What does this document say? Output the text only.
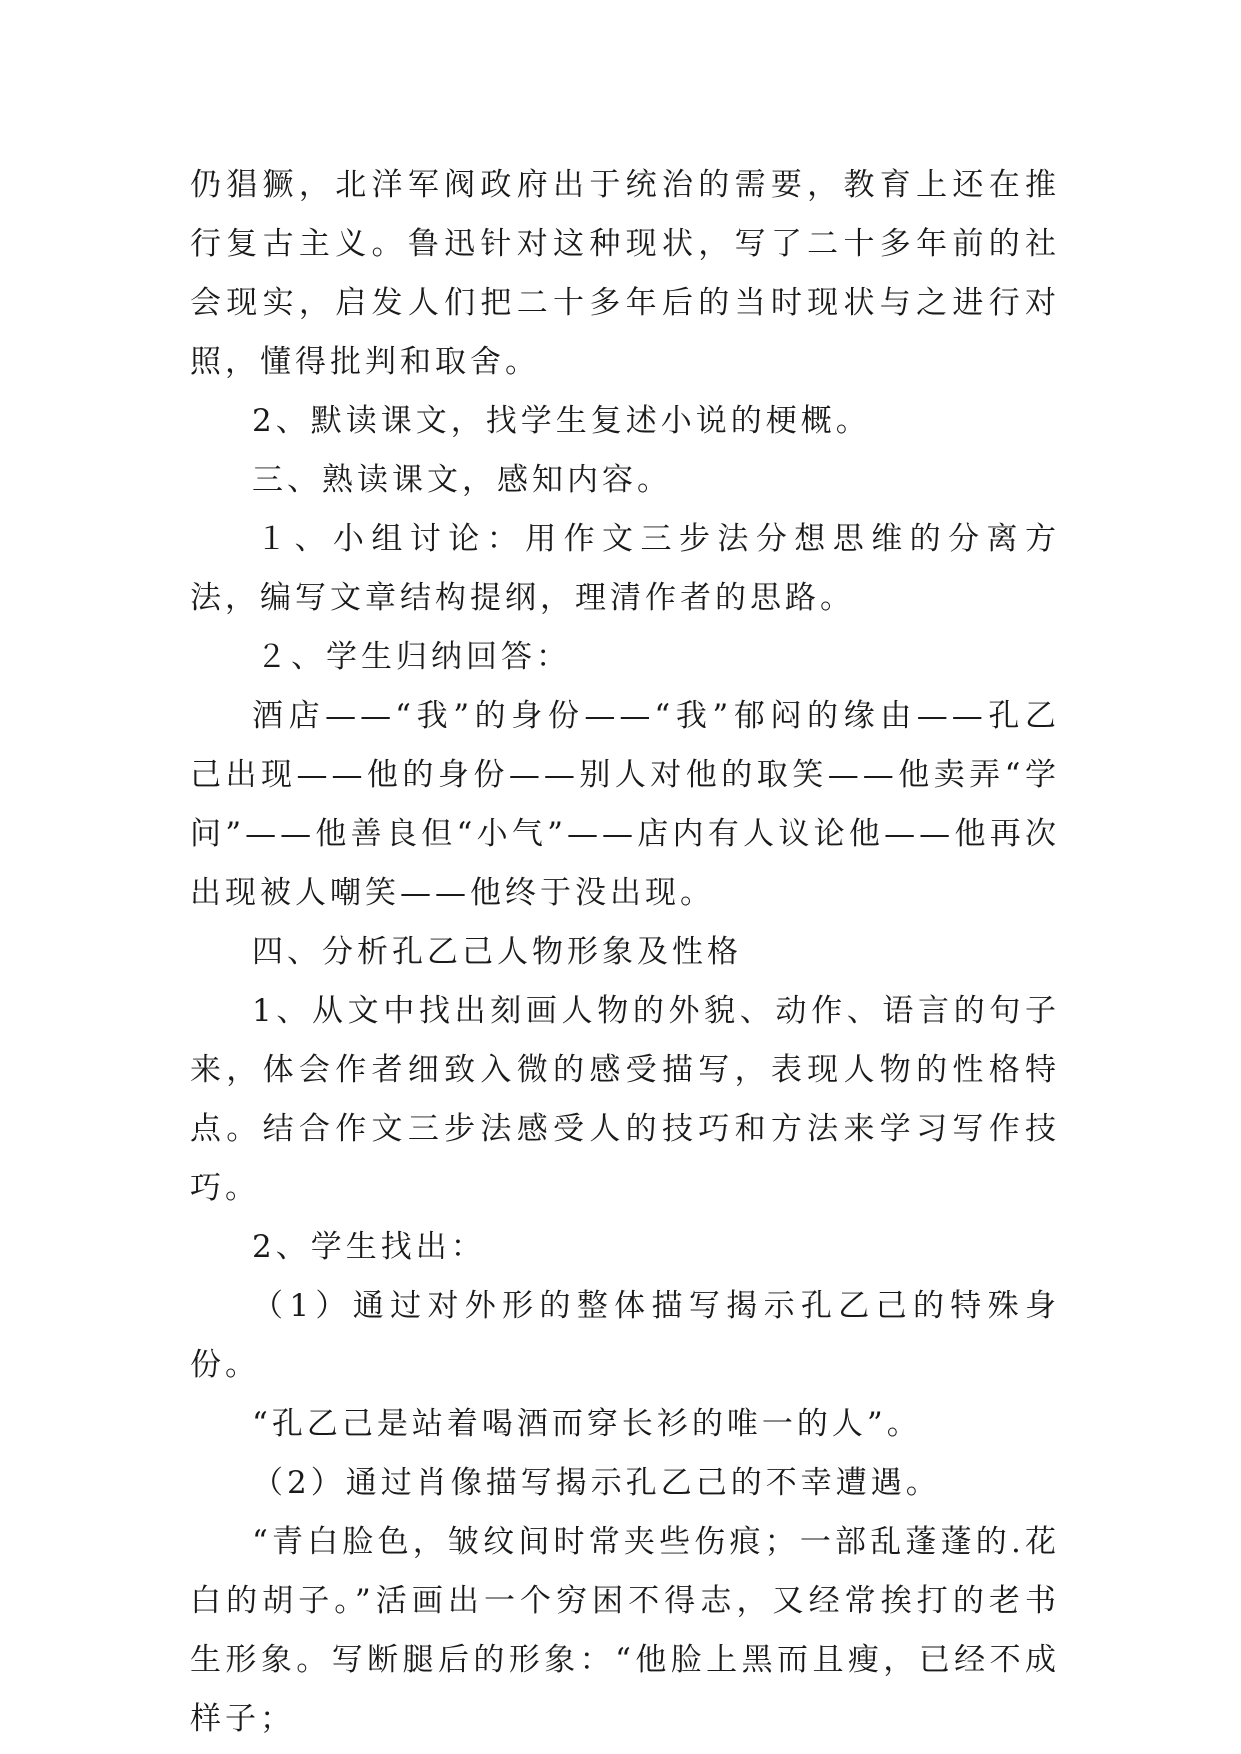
仍猖獗，北洋军阀政府出于统治的需要，教育上还在推行复古主义。鲁迅针对这种现状，写了二十多年前的社会现实，启发人们把二十多年后的当时现状与之进行对照，懂得批判和取舍。

2、默读课文，找学生复述小说的梗概。

三、熟读课文，感知内容。

１、小组讨论：用作文三步法分想思维的分离方法，编写文章结构提纲，理清作者的思路。

２、学生归纳回答：

酒店——“我”的身份——“我”郁闷的缘由——孔乙己出现——他的身份——别人对他的取笑——他卖弄“学问”——他善良但“小气”——店内有人议论他——他再次出现被人嘲笑——他终于没出现。

四、分析孔乙己人物形象及性格

1、从文中找出刻画人物的外貌、动作、语言的句子来，体会作者细致入微的感受描写，表现人物的性格特点。结合作文三步法感受人的技巧和方法来学习写作技巧。

2、学生找出：

（1）通过对外形的整体描写揭示孔乙己的特殊身份。

“孔乙己是站着喝酒而穿长衫的唯一的人”。

（2）通过肖像描写揭示孔乙己的不幸遭遇。

“青白脸色，皱纹间时常夹些伤痕；一部乱蓬蓬的.花白的胡子。”活画出一个穷困不得志，又经常挨打的老书生形象。写断腿后的形象：“他脸上黑而且瘦，已经不成样子；
